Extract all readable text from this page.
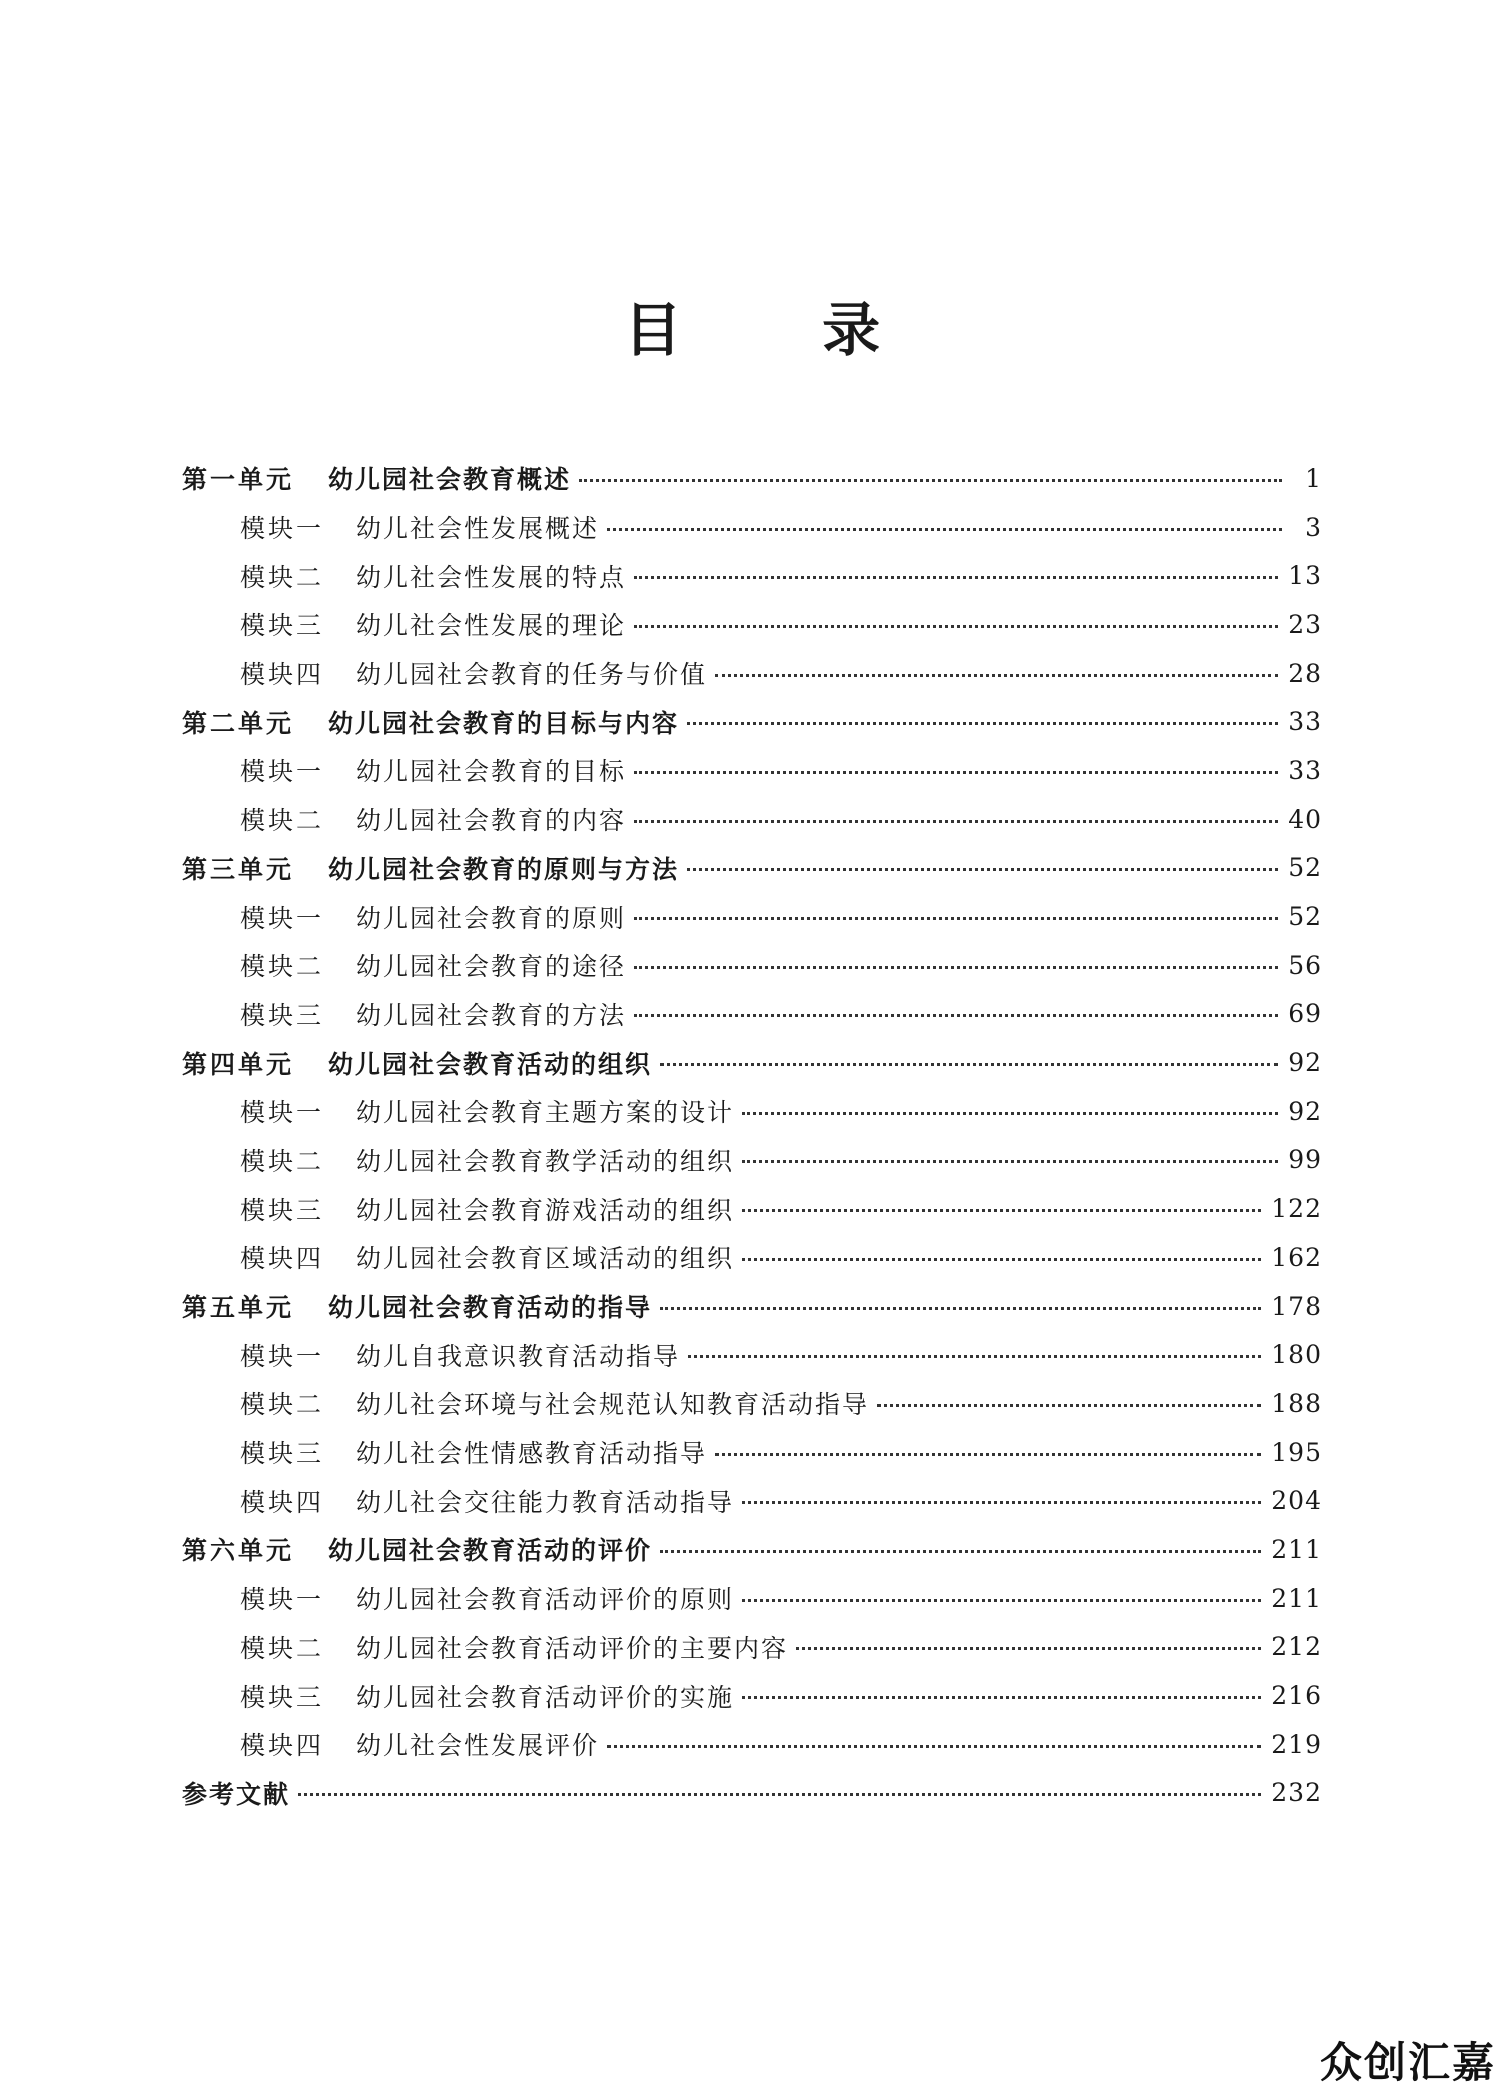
目 录
第一单元	幼儿园社会教育概述	1
模块一	幼儿社会性发展概述	3
模块二	幼儿社会性发展的特点	13
模块三	幼儿社会性发展的理论	23
模块四	幼儿园社会教育的任务与价值	28
第二单元	幼儿园社会教育的目标与内容	33
模块一	幼儿园社会教育的目标	33
模块二	幼儿园社会教育的内容	40
第三单元	幼儿园社会教育的原则与方法	52
模块一	幼儿园社会教育的原则	52
模块二	幼儿园社会教育的途径	56
模块三	幼儿园社会教育的方法	69
第四单元	幼儿园社会教育活动的组织	92
模块一	幼儿园社会教育主题方案的设计	92
模块二	幼儿园社会教育教学活动的组织	99
模块三	幼儿园社会教育游戏活动的组织	122
模块四	幼儿园社会教育区域活动的组织	162
第五单元	幼儿园社会教育活动的指导	178
模块一	幼儿自我意识教育活动指导	180
模块二	幼儿社会环境与社会规范认知教育活动指导	188
模块三	幼儿社会性情感教育活动指导	195
模块四	幼儿社会交往能力教育活动指导	204
第六单元	幼儿园社会教育活动的评价	211
模块一	幼儿园社会教育活动评价的原则	211
模块二	幼儿园社会教育活动评价的主要内容	212
模块三	幼儿园社会教育活动评价的实施	216
模块四	幼儿社会性发展评价	219
参考文献	232
众创汇嘉
